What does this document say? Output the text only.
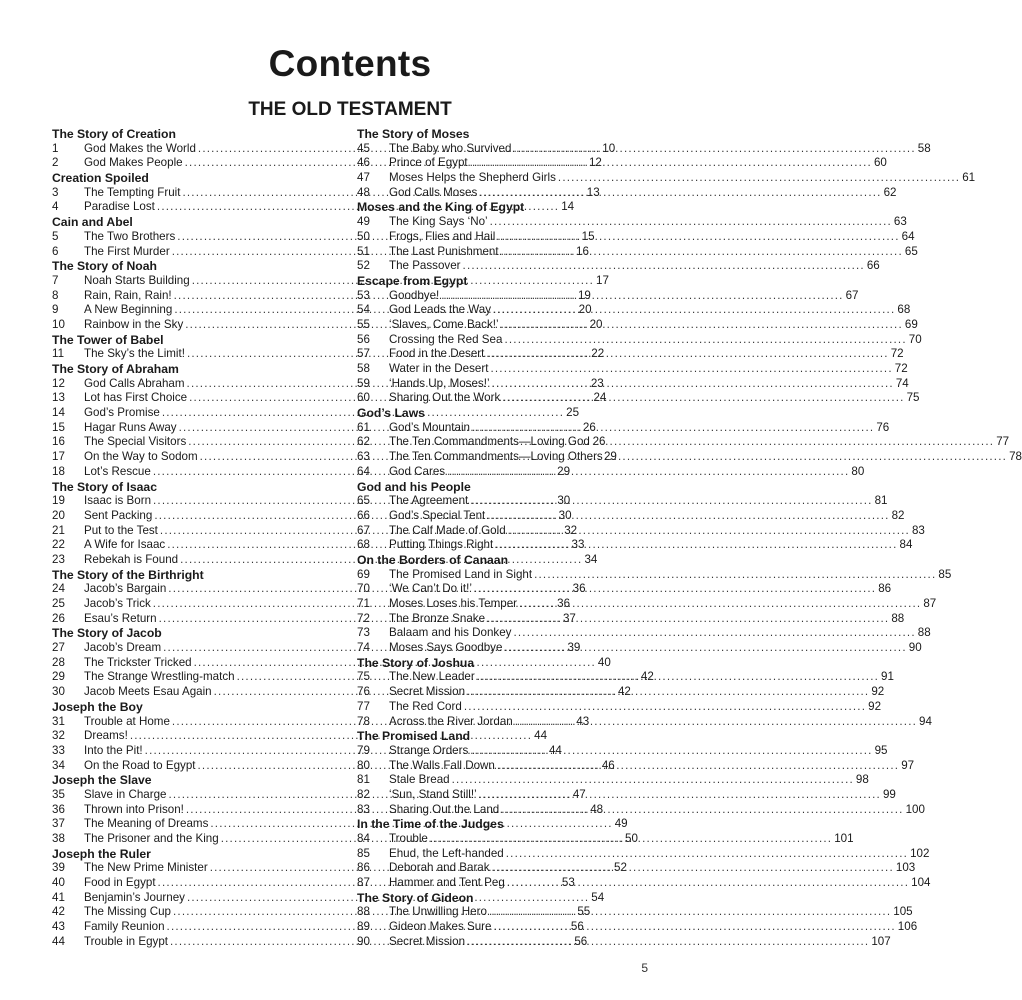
Contents
THE OLD TESTAMENT
The Story of Creation
1	God Makes the World .....	10
2	God Makes People .....	12
Creation Spoiled
3	The Tempting Fruit .....	13
4	Paradise Lost .....	14
Cain and Abel
5	The Two Brothers .....	15
6	The First Murder .....	16
The Story of Noah
7	Noah Starts Building .....	17
8	Rain, Rain, Rain! .....	19
9	A New Beginning .....	20
10	Rainbow in the Sky .....	20
The Tower of Babel
11	The Sky’s the Limit! .....	22
The Story of Abraham
12	God Calls Abraham .....	23
13	Lot has First Choice .....	24
14	God’s Promise .....	25
15	Hagar Runs Away .....	26
16	The Special Visitors .....	26
17	On the Way to Sodom .....	29
18	Lot’s Rescue .....	29
The Story of Isaac
19	Isaac is Born .....	30
20	Sent Packing .....	30
21	Put to the Test .....	32
22	A Wife for Isaac .....	33
23	Rebekah is Found .....	34
The Story of the Birthright
24	Jacob’s Bargain .....	36
25	Jacob’s Trick .....	36
26	Esau’s Return .....	37
The Story of Jacob
27	Jacob’s Dream .....	39
28	The Trickster Tricked .....	40
29	The Strange Wrestling-match .....	42
30	Jacob Meets Esau Again .....	42
Joseph the Boy
31	Trouble at Home .....	43
32	Dreams! .....	44
33	Into the Pit! .....	44
34	On the Road to Egypt .....	46
Joseph the Slave
35	Slave in Charge .....	47
36	Thrown into Prison! .....	48
37	The Meaning of Dreams .....	49
38	The Prisoner and the King .....	50
Joseph the Ruler
39	The New Prime Minister .....	52
40	Food in Egypt .....	53
41	Benjamin’s Journey .....	54
42	The Missing Cup .....	55
43	Family Reunion .....	56
44	Trouble in Egypt .....	56
The Story of Moses
45	The Baby who Survived .....	58
46	Prince of Egypt .....	60
47	Moses Helps the Shepherd Girls .....	61
48	God Calls Moses .....	62
Moses and the King of Egypt
49	The King Says ‘No’ .....	63
50	Frogs, Flies and Hail .....	64
51	The Last Punishment .....	65
52	The Passover .....	66
Escape from Egypt
53	Goodbye! .....	67
54	God Leads the Way .....	68
55	‘Slaves, Come Back!’ .....	69
56	Crossing the Red Sea .....	70
57	Food in the Desert .....	72
58	Water in the Desert .....	72
59	‘Hands Up, Moses!’ .....	74
60	Sharing Out the Work .....	75
God’s Laws
61	God’s Mountain .....	76
62	The Ten Commandments—Loving God .....	77
63	The Ten Commandments—Loving Others .....	78
64	God Cares .....	80
God and his People
65	The Agreement .....	81
66	God’s Special Tent .....	82
67	The Calf Made of Gold .....	83
68	Putting Things Right .....	84
On the Borders of Canaan
69	The Promised Land in Sight .....	85
70	‘We Can’t Do it!’ .....	86
71	Moses Loses his Temper .....	87
72	The Bronze Snake .....	88
73	Balaam and his Donkey .....	88
74	Moses Says Goodbye .....	90
The Story of Joshua
75	The New Leader .....	91
76	Secret Mission .....	92
77	The Red Cord .....	92
78	Across the River Jordan .....	94
The Promised Land
79	Strange Orders .....	95
80	The Walls Fall Down .....	97
81	Stale Bread .....	98
82	‘Sun, Stand Still!’ .....	99
83	Sharing Out the Land .....	100
In the Time of the Judges
84	Trouble .....	101
85	Ehud, the Left-handed .....	102
86	Deborah and Barak .....	103
87	Hammer and Tent Peg .....	104
The Story of Gideon
88	The Unwilling Hero .....	105
89	Gideon Makes Sure .....	106
90	Secret Mission .....	107
5
